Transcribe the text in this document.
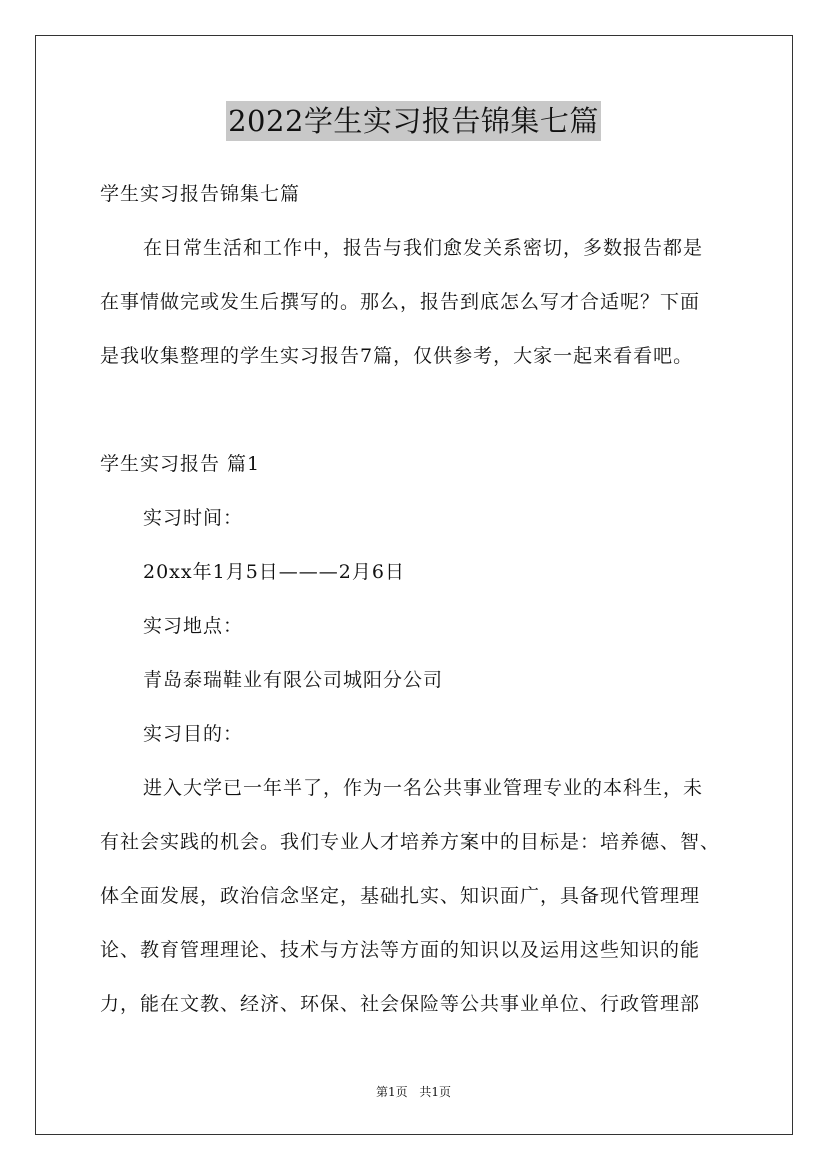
2022学生实习报告锦集七篇
学生实习报告锦集七篇
在日常生活和工作中，报告与我们愈发关系密切，多数报告都是
在事情做完或发生后撰写的。那么，报告到底怎么写才合适呢？下面
是我收集整理的学生实习报告7篇，仅供参考，大家一起来看看吧。
学生实习报告 篇1
实习时间：
20xx年1月5日———2月6日
实习地点：
青岛泰瑞鞋业有限公司城阳分公司
实习目的：
进入大学已一年半了，作为一名公共事业管理专业的本科生，未
有社会实践的机会。我们专业人才培养方案中的目标是：培养德、智、
体全面发展，政治信念坚定，基础扎实、知识面广，具备现代管理理
论、教育管理理论、技术与方法等方面的知识以及运用这些知识的能
力，能在文教、经济、环保、社会保险等公共事业单位、行政管理部
第1页 共1页
